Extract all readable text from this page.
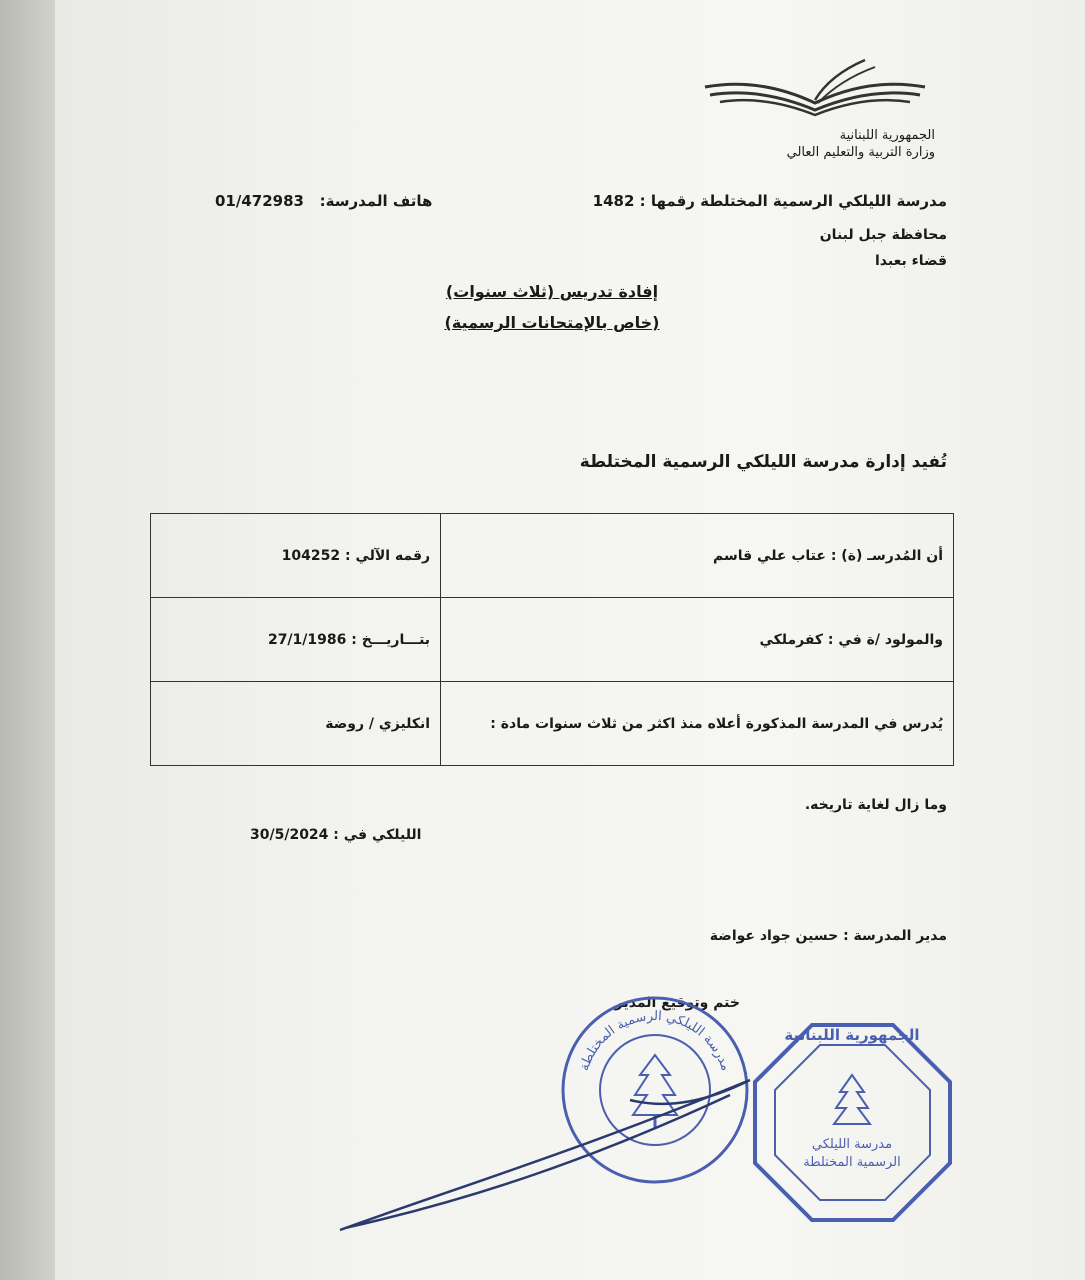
الجمهورية اللبنانية
وزارة التربية والتعليم العالي
مدرسة الليلكي الرسمية المختلطة رقمها : 1482
هاتف المدرسة:   01/472983
محافظة جبل لبنان
قضاء بعبدا
إفادة تدريس (ثلاث سنوات)
(خاص بالإمتحانات الرسمية)
تُفيد إدارة مدرسة الليلكي الرسمية المختلطة
رقمه الآلي : 104252	أن المُدرسـ (ة) : عتاب علي قاسم
بتـــاريـــخ : 27/1/1986	والمولود /ة في : كفرملكي
انكليزي / روضة	يُدرس في المدرسة المذكورة أعلاه منذ اكثر من ثلاث سنوات مادة :
وما زال لغاية تاريخه.
الليلكي في : 30/5/2024
مدير المدرسة : حسين جواد عواضة
ختم وتوقيع المدير
مدرسة الليلكي الرسمية المختلطة
الجمهورية اللبنانية
مدرسة الليلكي
الرسمية المختلطة
